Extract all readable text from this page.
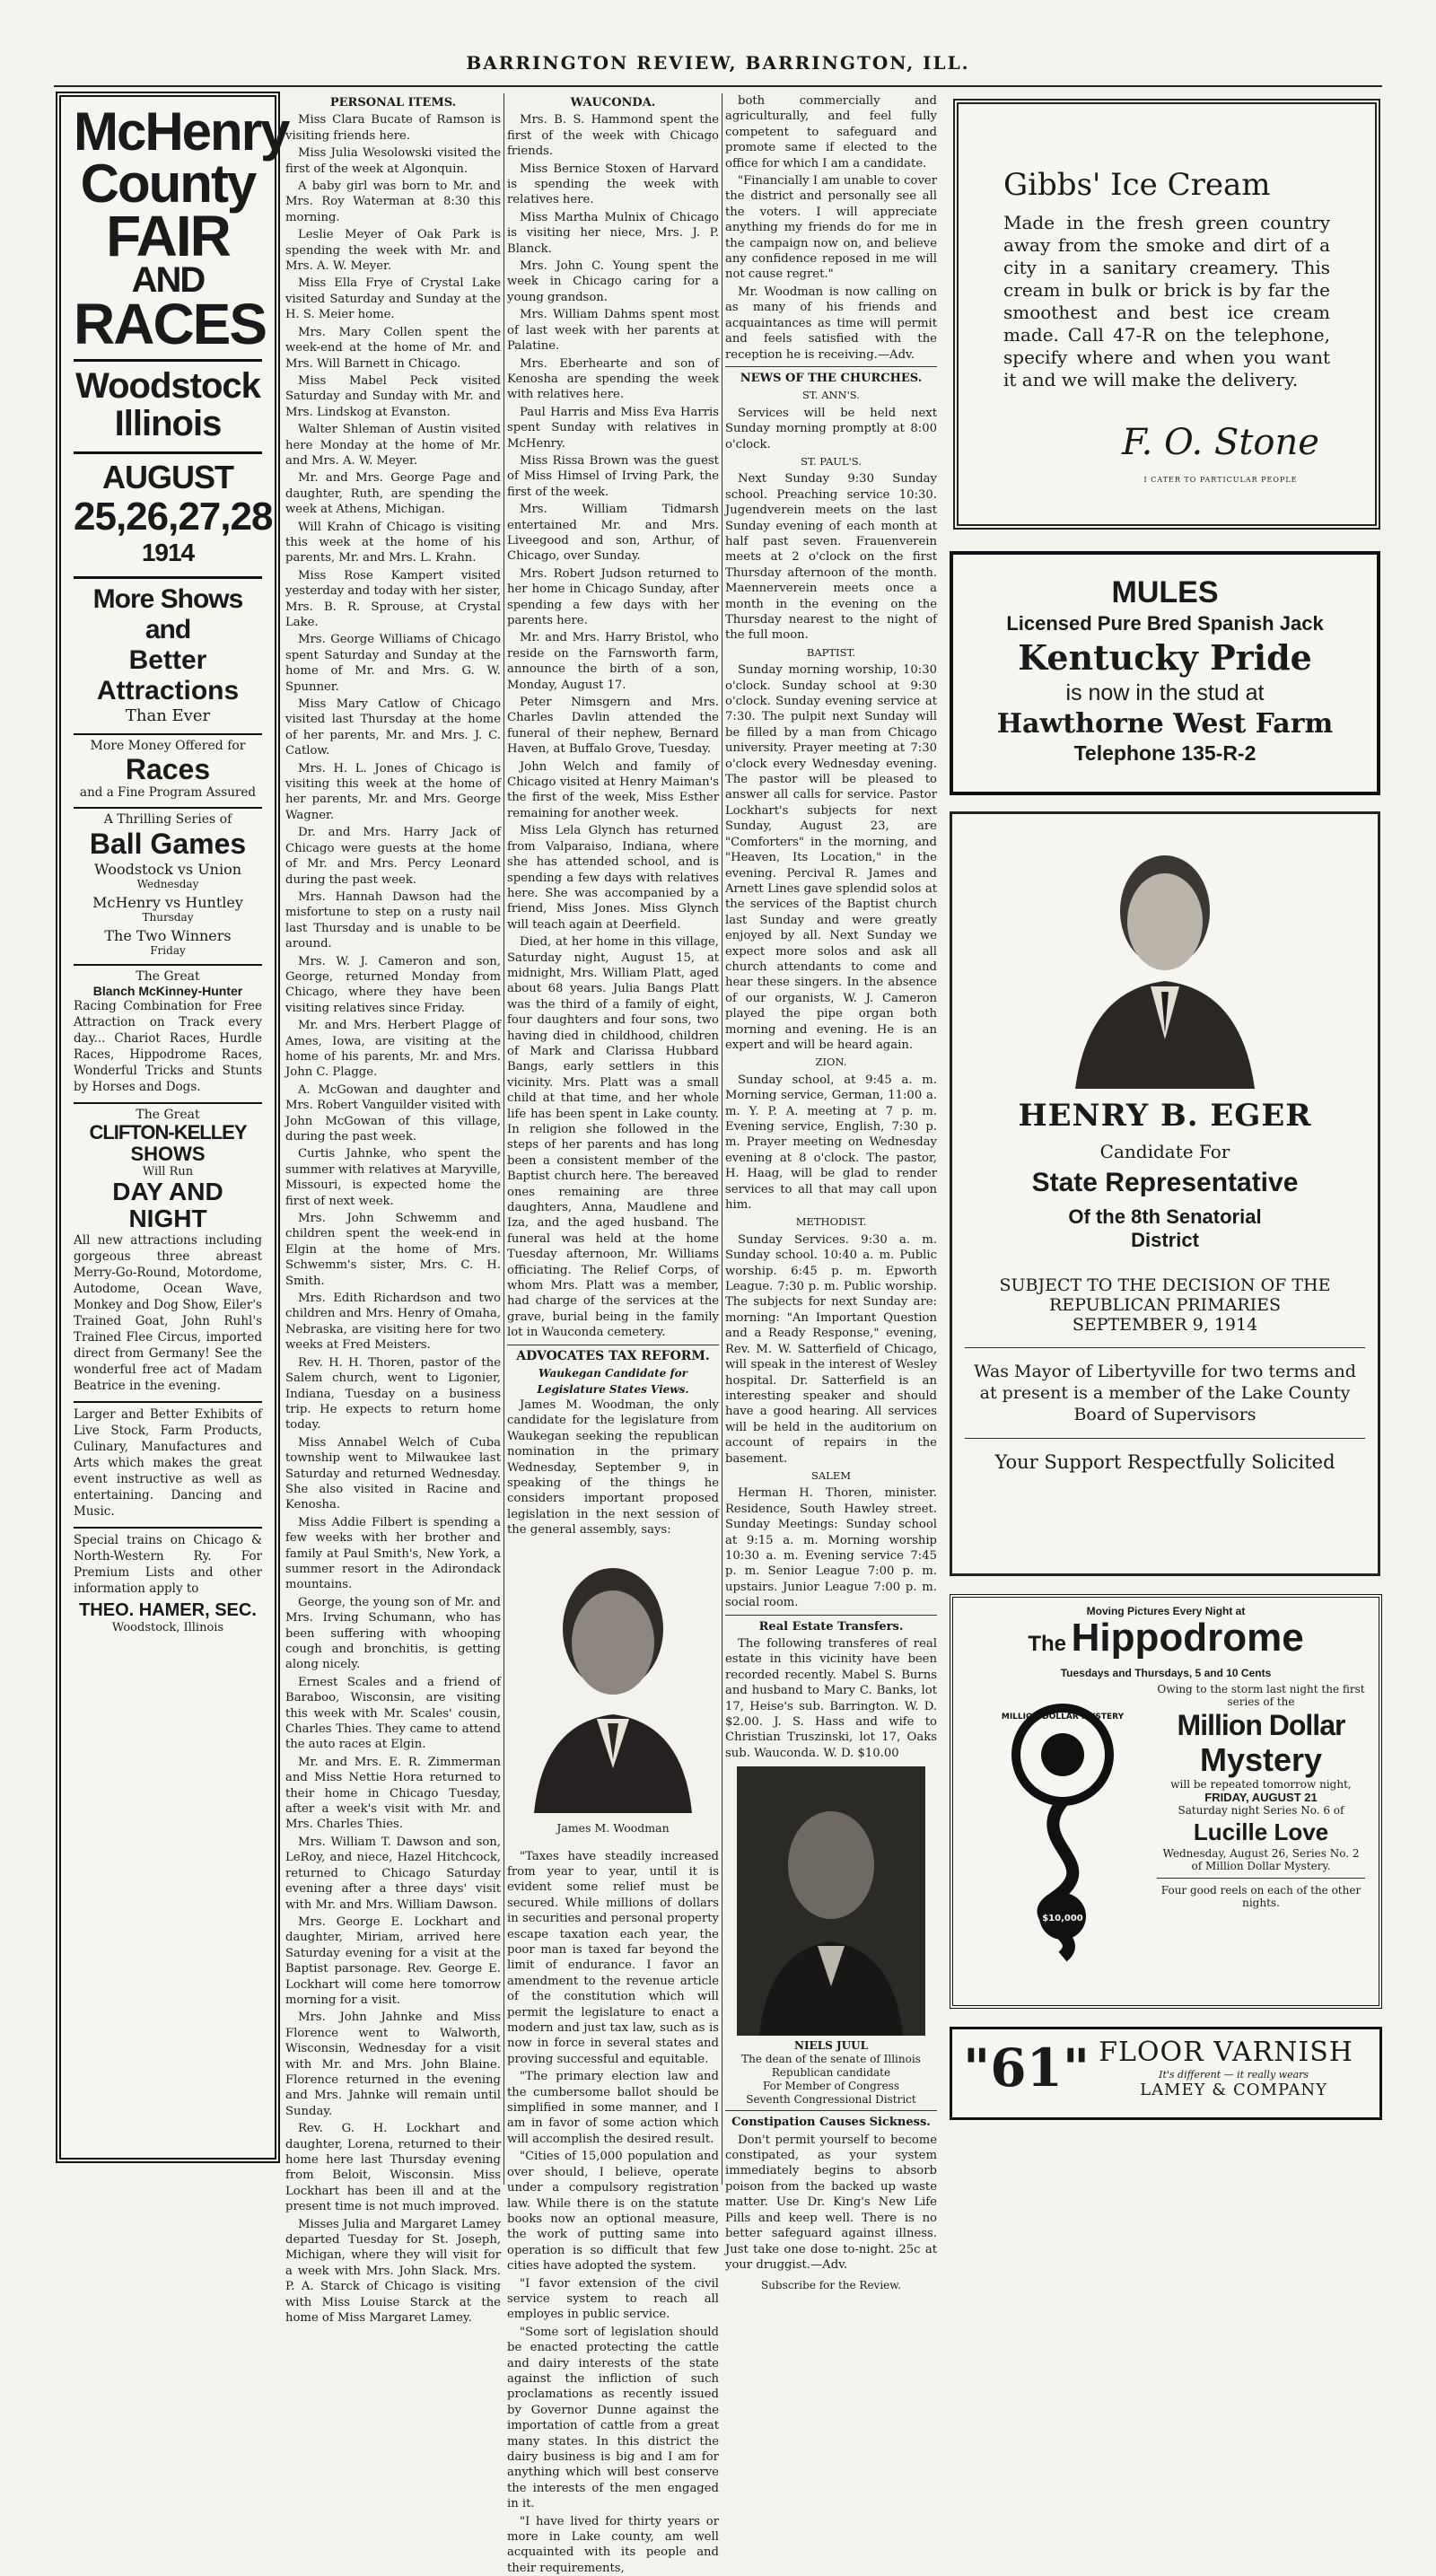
BARRINGTON REVIEW, BARRINGTON, ILL.
McHenry
County
FAIR
AND
RACES
Woodstock
Illinois
AUGUST
25,26,27,28
1914
More Shows and
Better
Attractions
Than Ever
More Money Offered for
Races
and a Fine Program Assured
A Thrilling Series of
Ball Games
Woodstock vs Union
Wednesday
McHenry vs Huntley
Thursday
The Two Winners
Friday
The Great
Blanch McKinney-Hunter
Racing Combination for Free Attraction on Track every day... Chariot Races, Hurdle Races, Hippodrome Races, Wonderful Tricks and Stunts by Horses and Dogs.
The Great
CLIFTON-KELLEY
SHOWS
Will Run
DAY AND NIGHT
All new attractions including gorgeous three abreast Merry-Go-Round, Motordome, Autodome, Ocean Wave, Monkey and Dog Show, Eiler's Trained Goat, John Ruhl's Trained Flee Circus, imported direct from Germany! See the wonderful free act of Madam Beatrice in the evening.
Larger and Better Exhibits of Live Stock, Farm Products, Culinary, Manufactures and Arts which makes the great event instructive as well as entertaining. Dancing and Music.
Special trains on Chicago & North-Western Ry. For Premium Lists and other information apply to
THEO. HAMER, SEC.
Woodstock, Illinois
PERSONAL ITEMS.

Miss Clara Bucate of Ramson is visiting friends here.

Miss Julia Wesolowski visited the first of the week at Algonquin.

A baby girl was born to Mr. and Mrs. Roy Waterman at 8:30 this morning.

Leslie Meyer of Oak Park is spending the week with Mr. and Mrs. A. W. Meyer.

Miss Ella Frye of Crystal Lake visited Saturday and Sunday at the H. S. Meier home.

Mrs. Mary Collen spent the week-end at the home of Mr. and Mrs. Will Barnett in Chicago.

Miss Mabel Peck visited Saturday and Sunday with Mr. and Mrs. Lindskog at Evanston.

Walter Shleman of Austin visited here Monday at the home of Mr. and Mrs. A. W. Meyer.

Mr. and Mrs. George Page and daughter, Ruth, are spending the week at Athens, Michigan.

Will Krahn of Chicago is visiting this week at the home of his parents, Mr. and Mrs. L. Krahn.

Miss Rose Kampert visited yesterday and today with her sister, Mrs. B. R. Sprouse, at Crystal Lake.

Mrs. George Williams of Chicago spent Saturday and Sunday at the home of Mr. and Mrs. G. W. Spunner.

Miss Mary Catlow of Chicago visited last Thursday at the home of her parents, Mr. and Mrs. J. C. Catlow.

Mrs. H. L. Jones of Chicago is visiting this week at the home of her parents, Mr. and Mrs. George Wagner.

Dr. and Mrs. Harry Jack of Chicago were guests at the home of Mr. and Mrs. Percy Leonard during the past week.

Mrs. Hannah Dawson had the misfortune to step on a rusty nail last Thursday and is unable to be around.

Mrs. W. J. Cameron and son, George, returned Monday from Chicago, where they have been visiting relatives since Friday.

Mr. and Mrs. Herbert Plagge of Ames, Iowa, are visiting at the home of his parents, Mr. and Mrs. John C. Plagge.

A. McGowan and daughter and Mrs. Robert Vanguilder visited with John McGowan of this village, during the past week.

Curtis Jahnke, who spent the summer with relatives at Maryville, Missouri, is expected home the first of next week.

Mrs. John Schwemm and children spent the week-end in Elgin at the home of Mrs. Schwemm's sister, Mrs. C. H. Smith.

Mrs. Edith Richardson and two children and Mrs. Henry of Omaha, Nebraska, are visiting here for two weeks at Fred Meisters.

Rev. H. H. Thoren, pastor of the Salem church, went to Ligonier, Indiana, Tuesday on a business trip. He expects to return home today.

Miss Annabel Welch of Cuba township went to Milwaukee last Saturday and returned Wednesday. She also visited in Racine and Kenosha.

Miss Addie Filbert is spending a few weeks with her brother and family at Paul Smith's, New York, a summer resort in the Adirondack mountains.

George, the young son of Mr. and Mrs. Irving Schumann, who has been suffering with whooping cough and bronchitis, is getting along nicely.

Ernest Scales and a friend of Baraboo, Wisconsin, are visiting this week with Mr. Scales' cousin, Charles Thies. They came to attend the auto races at Elgin.

Mr. and Mrs. E. R. Zimmerman and Miss Nettie Hora returned to their home in Chicago Tuesday, after a week's visit with Mr. and Mrs. Charles Thies.

Mrs. William T. Dawson and son, LeRoy, and niece, Hazel Hitchcock, returned to Chicago Saturday evening after a three days' visit with Mr. and Mrs. William Dawson.

Mrs. George E. Lockhart and daughter, Miriam, arrived here Saturday evening for a visit at the Baptist parsonage. Rev. George E. Lockhart will come here tomorrow morning for a visit.

Mrs. John Jahnke and Miss Florence went to Walworth, Wisconsin, Wednesday for a visit with Mr. and Mrs. John Blaine. Florence returned in the evening and Mrs. Jahnke will remain until Sunday.

Rev. G. H. Lockhart and daughter, Lorena, returned to their home here last Thursday evening from Beloit, Wisconsin. Miss Lockhart has been ill and at the present time is not much improved.

Misses Julia and Margaret Lamey departed Tuesday for St. Joseph, Michigan, where they will visit for a week with Mrs. John Slack. Mrs. P. A. Starck of Chicago is visiting with Miss Louise Starck at the home of Miss Margaret Lamey.

WAUCONDA.

Mrs. B. S. Hammond spent the first of the week with Chicago friends.

Miss Bernice Stoxen of Harvard is spending the week with relatives here.

Miss Martha Mulnix of Chicago is visiting her niece, Mrs. J. P. Blanck.

Mrs. John C. Young spent the week in Chicago caring for a young grandson.

Mrs. William Dahms spent most of last week with her parents at Palatine.

Mrs. Eberhearte and son of Kenosha are spending the week with relatives here.

Paul Harris and Miss Eva Harris spent Sunday with relatives in McHenry.

Miss Rissa Brown was the guest of Miss Himsel of Irving Park, the first of the week.

Mrs. William Tidmarsh entertained Mr. and Mrs. Liveegood and son, Arthur, of Chicago, over Sunday.

Mrs. Robert Judson returned to her home in Chicago Sunday, after spending a few days with her parents here.

Mr. and Mrs. Harry Bristol, who reside on the Farnsworth farm, announce the birth of a son, Monday, August 17.

Peter Nimsgern and Mrs. Charles Davlin attended the funeral of their nephew, Bernard Haven, at Buffalo Grove, Tuesday.

John Welch and family of Chicago visited at Henry Maiman's the first of the week, Miss Esther remaining for another week.

Miss Lela Glynch has returned from Valparaiso, Indiana, where she has attended school, and is spending a few days with relatives here. She was accompanied by a friend, Miss Jones. Miss Glynch will teach again at Deerfield.

Died, at her home in this village, Saturday night, August 15, at midnight, Mrs. William Platt, aged about 68 years. Julia Bangs Platt was the third of a family of eight, four daughters and four sons, two having died in childhood, children of Mark and Clarissa Hubbard Bangs, early settlers in this vicinity. Mrs. Platt was a small child at that time, and her whole life has been spent in Lake county. In religion she followed in the steps of her parents and has long been a consistent member of the Baptist church here. The bereaved ones remaining are three daughters, Anna, Maudlene and Iza, and the aged husband. The funeral was held at the home Tuesday afternoon, Mr. Williams officiating. The Relief Corps, of whom Mrs. Platt was a member, had charge of the services at the grave, burial being in the family lot in Wauconda cemetery.

ADVOCATES TAX REFORM.
Waukegan Candidate for Legislature States Views.

James M. Woodman, the only candidate for the legislature from Waukegan seeking the republican nomination in the primary Wednesday, September 9, in speaking of the things he considers important proposed legislation in the next session of the general assembly, says:

James M. Woodman

"Taxes have steadily increased from year to year, until it is evident some relief must be secured. While millions of dollars in securities and personal property escape taxation each year, the poor man is taxed far beyond the limit of endurance. I favor an amendment to the revenue article of the constitution which will permit the legislature to enact a modern and just tax law, such as is now in force in several states and proving successful and equitable.

"The primary election law and the cumbersome ballot should be simplified in some manner, and I am in favor of some action which will accomplish the desired result.

"Cities of 15,000 population and over should, I believe, operate under a compulsory registration law. While there is on the statute books now an optional measure, the work of putting same into operation is so difficult that few cities have adopted the system.

"I favor extension of the civil service system to reach all employes in public service.

"Some sort of legislation should be enacted protecting the cattle and dairy interests of the state against the infliction of such proclamations as recently issued by Governor Dunne against the importation of cattle from a great many states. In this district the dairy business is big and I am for anything which will best conserve the interests of the men engaged in it.

"I have lived for thirty years or more in Lake county, am well acquainted with its people and their requirements,

both commercially and agriculturally, and feel fully competent to safeguard and promote same if elected to the office for which I am a candidate.

"Financially I am unable to cover the district and personally see all the voters. I will appreciate anything my friends do for me in the campaign now on, and believe any confidence reposed in me will not cause regret."

Mr. Woodman is now calling on as many of his friends and acquaintances as time will permit and feels satisfied with the reception he is receiving.—Adv.

NEWS OF THE CHURCHES.
ST. ANN'S.

Services will be held next Sunday morning promptly at 8:00 o'clock.

ST. PAUL'S.

Next Sunday 9:30 Sunday school. Preaching service 10:30. Jugendverein meets on the last Sunday evening of each month at half past seven. Frauenverein meets at 2 o'clock on the first Thursday afternoon of the month. Maennerverein meets once a month in the evening on the Thursday nearest to the night of the full moon.

BAPTIST.

Sunday morning worship, 10:30 o'clock. Sunday school at 9:30 o'clock. Sunday evening service at 7:30. The pulpit next Sunday will be filled by a man from Chicago university. Prayer meeting at 7:30 o'clock every Wednesday evening. The pastor will be pleased to answer all calls for service. Pastor Lockhart's subjects for next Sunday, August 23, are "Comforters" in the morning, and "Heaven, Its Location," in the evening. Percival R. James and Arnett Lines gave splendid solos at the services of the Baptist church last Sunday and were greatly enjoyed by all. Next Sunday we expect more solos and ask all church attendants to come and hear these singers. In the absence of our organists, W. J. Cameron played the pipe organ both morning and evening. He is an expert and will be heard again.

ZION.

Sunday school, at 9:45 a. m. Morning service, German, 11:00 a. m. Y. P. A. meeting at 7 p. m. Evening service, English, 7:30 p. m. Prayer meeting on Wednesday evening at 8 o'clock. The pastor, H. Haag, will be glad to render services to all that may call upon him.

METHODIST.

Sunday Services. 9:30 a. m. Sunday school. 10:40 a. m. Public worship. 6:45 p. m. Epworth League. 7:30 p. m. Public worship. The subjects for next Sunday are: morning: "An Important Question and a Ready Response," evening, Rev. M. W. Satterfield of Chicago, will speak in the interest of Wesley hospital. Dr. Satterfield is an interesting speaker and should have a good hearing. All services will be held in the auditorium on account of repairs in the basement.

SALEM

Herman H. Thoren, minister. Residence, South Hawley street. Sunday Meetings: Sunday school at 9:15 a. m. Morning worship 10:30 a. m. Evening service 7:45 p. m. Senior League 7:00 p. m. upstairs. Junior League 7:00 p. m. social room.

Real Estate Transfers.

The following transferes of real estate in this vicinity have been recorded recently. Mabel S. Burns and husband to Mary C. Banks, lot 17, Heise's sub. Barrington. W. D. $2.00. J. S. Hass and wife to Christian Truszinski, lot 17, Oaks sub. Wauconda. W. D. $10.00

NIELS JUUL
The dean of the senate of Illinois
Republican candidate
For Member of Congress
Seventh Congressional District
Constipation Causes Sickness.

Don't permit yourself to become constipated, as your system immediately begins to absorb poison from the backed up waste matter. Use Dr. King's New Life Pills and keep well. There is no better safeguard against illness. Just take one dose to-night. 25c at your druggist.—Adv.

Subscribe for the Review.
Gibbs' Ice Cream
Made in the fresh green country away from the smoke and dirt of a city in a sanitary creamery. This cream in bulk or brick is by far the smoothest and best ice cream made. Call 47-R on the telephone, specify where and when you want it and we will make the delivery.
F. O. Stone
I CATER TO PARTICULAR PEOPLE
MULES
Licensed Pure Bred Spanish Jack
Kentucky Pride
is now in the stud at
Hawthorne West Farm
Telephone 135-R-2
HENRY B. EGER
Candidate For
State Representative
Of the 8th Senatorial
District
SUBJECT TO THE DECISION OF THE
REPUBLICAN PRIMARIES
SEPTEMBER 9, 1914
Was Mayor of Libertyville for two terms and at present is a member of the Lake County Board of Supervisors
Your Support Respectfully Solicited
Moving Pictures Every Night at
The Hippodrome
Tuesdays and Thursdays, 5 and 10 Cents
MILLION DOLLAR MYSTERY
$10,000
Owing to the storm last night the first series of the
Million Dollar
Mystery
will be repeated tomorrow night,
FRIDAY, AUGUST 21
Saturday night Series No. 6 of
Lucille Love
Wednesday, August 26, Series No. 2 of Million Dollar Mystery.
Four good reels on each of the other nights.
"61" FLOOR VARNISH
It's different — it really wears
LAMEY & COMPANY
